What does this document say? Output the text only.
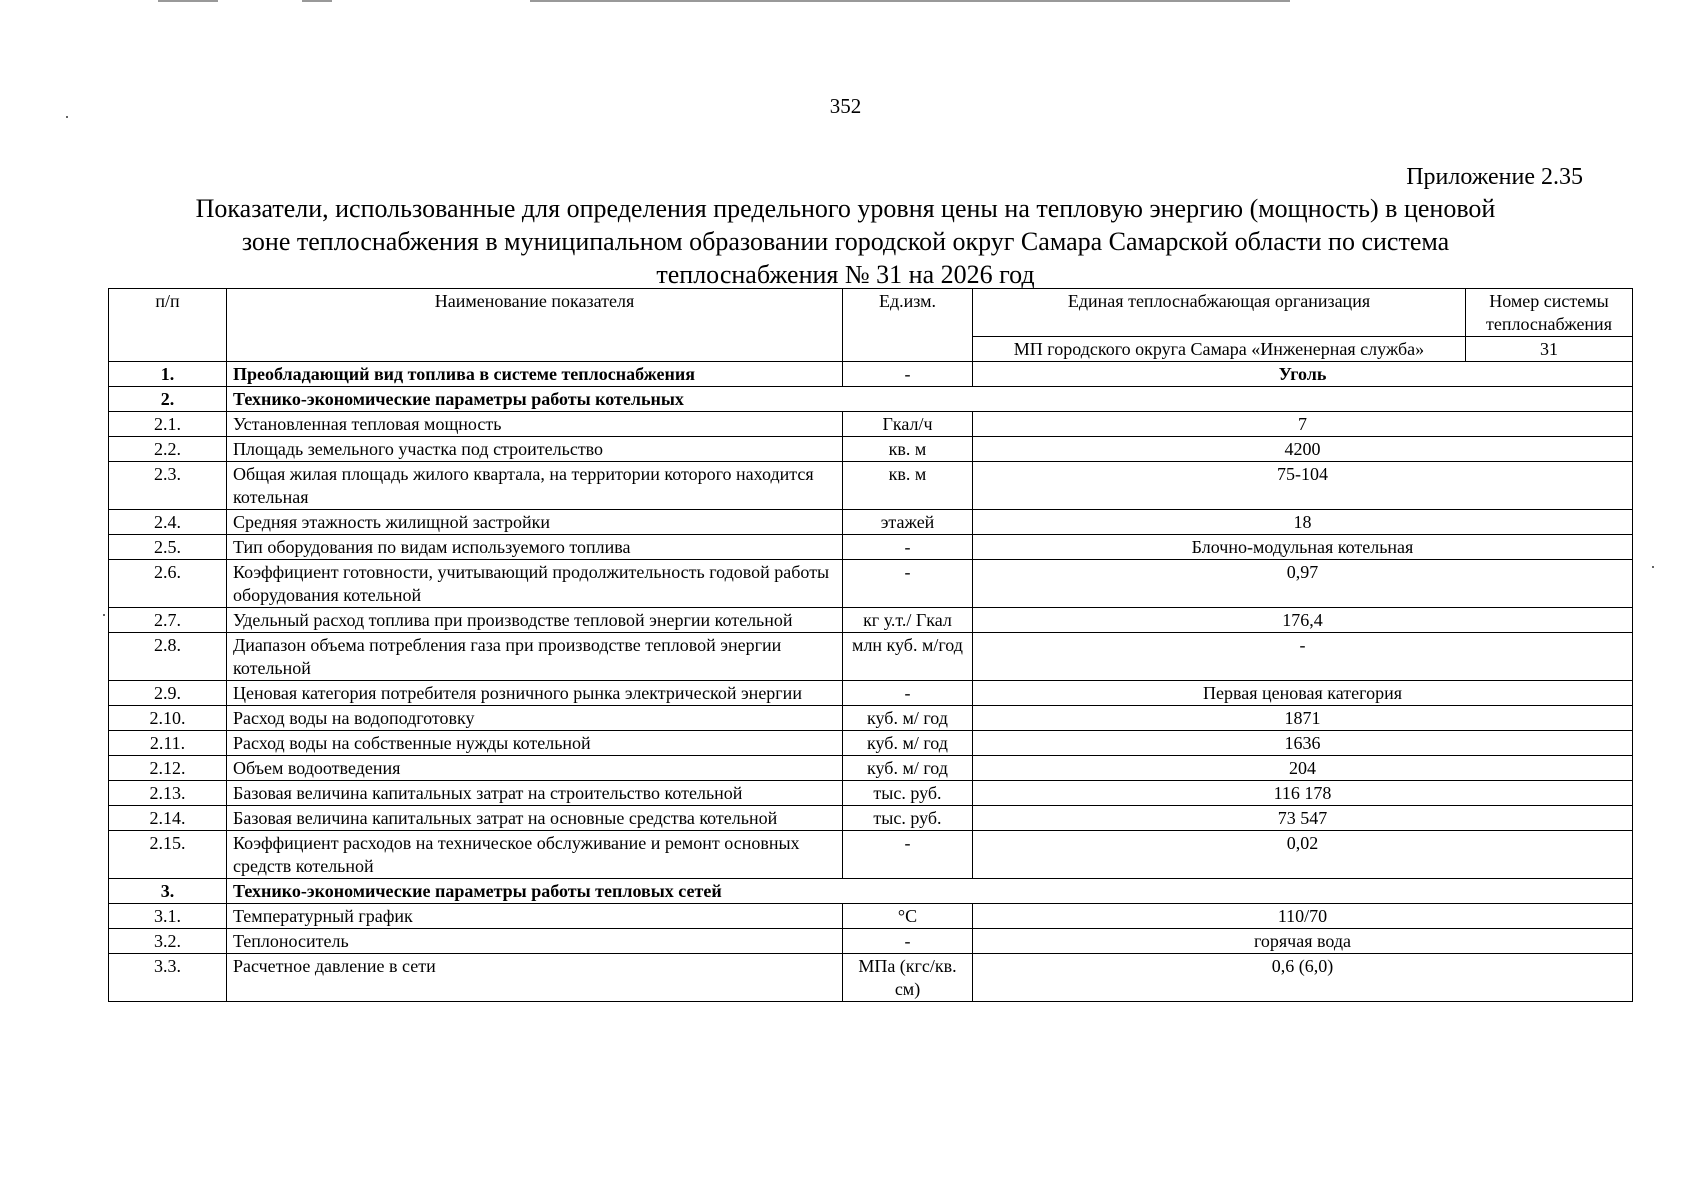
352
Приложение 2.35
Показатели, использованные для определения предельного уровня цены на тепловую энергию (мощность) в ценовой
зоне теплоснабжения в муниципальном образовании городской округ Самара Самарской области по система
теплоснабжения № 31 на 2026 год
п/п	Наименование показателя	Ед.изм.	Единая теплоснабжающая организация	Номер системы теплоснабжения
			МП городского округа Самара «Инженерная служба»	31
1.	Преобладающий вид топлива в системе теплоснабжения	-	Уголь	
2.	Технико-экономические параметры работы котельных			
2.1.	Установленная тепловая мощность	Гкал/ч	7	
2.2.	Площадь земельного участка под строительство	кв. м	4200	
2.3.	Общая жилая площадь жилого квартала, на территории которого находится котельная	кв. м	75-104	
2.4.	Средняя этажность жилищной застройки	этажей	18	
2.5.	Тип оборудования по видам используемого топлива	-	Блочно-модульная котельная	
2.6.	Коэффициент готовности, учитывающий продолжительность годовой работы оборудования котельной	-	0,97	
2.7.	Удельный расход топлива при производстве тепловой энергии котельной	кг у.т./ Гкал	176,4	
2.8.	Диапазон объема потребления газа при производстве тепловой энергии котельной	млн куб. м/год	-	
2.9.	Ценовая категория потребителя розничного рынка электрической энергии	-	Первая ценовая категория	
2.10.	Расход воды на водоподготовку	куб. м/ год	1871	
2.11.	Расход воды на собственные нужды котельной	куб. м/ год	1636	
2.12.	Объем водоотведения	куб. м/ год	204	
2.13.	Базовая величина капитальных затрат на строительство котельной	тыс. руб.	116 178	
2.14.	Базовая величина капитальных затрат на основные средства котельной	тыс. руб.	73 547	
2.15.	Коэффициент расходов на техническое обслуживание и ремонт основных средств котельной	-	0,02	
3.	Технико-экономические параметры работы тепловых сетей			
3.1.	Температурный график	°С	110/70	
3.2.	Теплоноситель	-	горячая вода	
3.3.	Расчетное давление в сети	МПа (кгс/кв. см)	0,6 (6,0)	
